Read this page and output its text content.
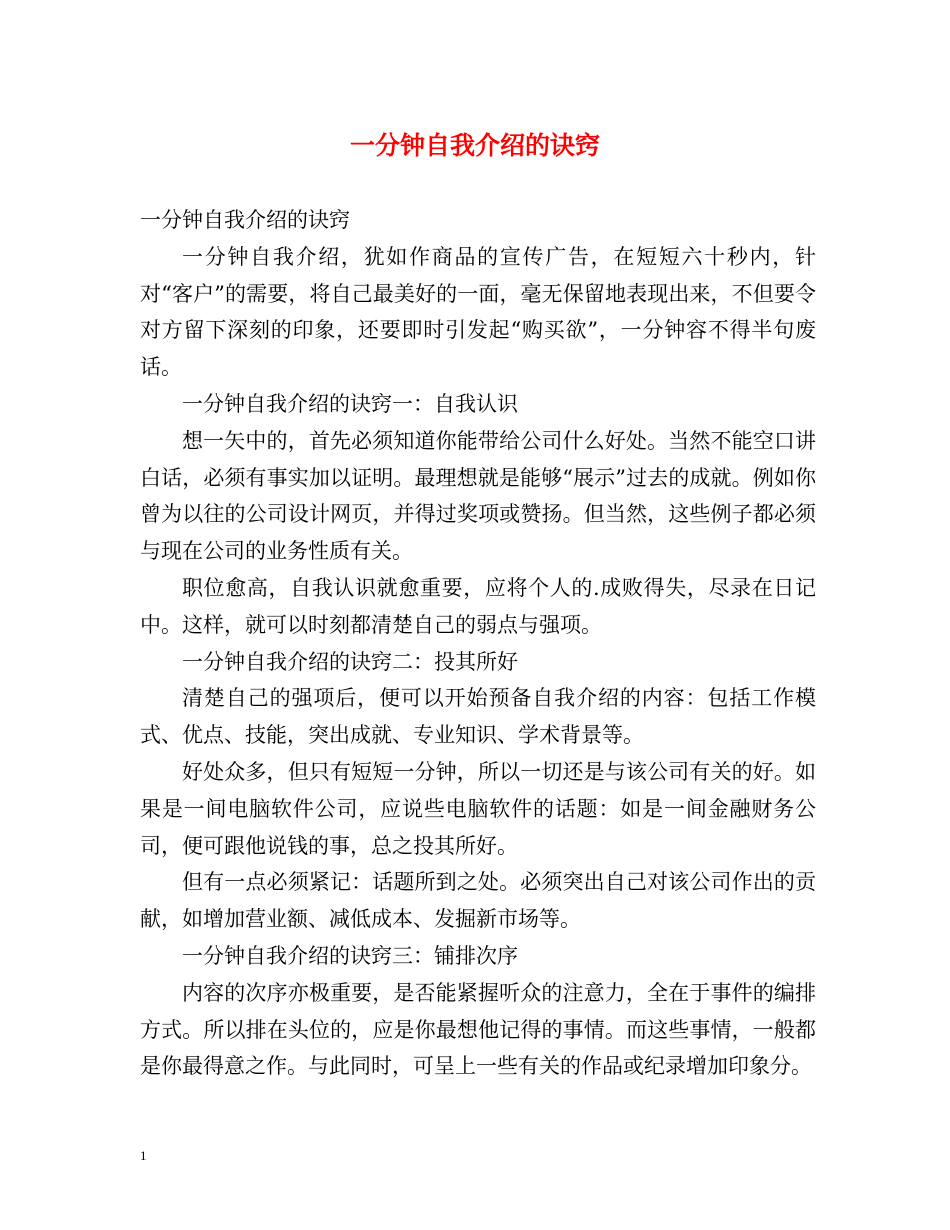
一分钟自我介绍的诀窍

一分钟自我介绍的诀窍

一分钟自我介绍，犹如作商品的宣传广告，在短短六十秒内，针对“客户”的需要，将自己最美好的一面，毫无保留地表现出来，不但要令对方留下深刻的印象，还要即时引发起“购买欲”，一分钟容不得半句废话。

一分钟自我介绍的诀窍一：自我认识

想一矢中的，首先必须知道你能带给公司什么好处。当然不能空口讲白话，必须有事实加以证明。最理想就是能够“展示”过去的成就。例如你曾为以往的公司设计网页，并得过奖项或赞扬。但当然，这些例子都必须与现在公司的业务性质有关。

职位愈高，自我认识就愈重要，应将个人的.成败得失，尽录在日记中。这样，就可以时刻都清楚自己的弱点与强项。

一分钟自我介绍的诀窍二：投其所好

清楚自己的强项后，便可以开始预备自我介绍的内容：包括工作模式、优点、技能，突出成就、专业知识、学术背景等。

好处众多，但只有短短一分钟，所以一切还是与该公司有关的好。如果是一间电脑软件公司，应说些电脑软件的话题：如是一间金融财务公司，便可跟他说钱的事，总之投其所好。

但有一点必须紧记：话题所到之处。必须突出自己对该公司作出的贡献，如增加营业额、减低成本、发掘新市场等。

一分钟自我介绍的诀窍三：铺排次序

内容的次序亦极重要，是否能紧握听众的注意力，全在于事件的编排方式。所以排在头位的，应是你最想他记得的事情。而这些事情，一般都是你最得意之作。与此同时，可呈上一些有关的作品或纪录增加印象分。

1
